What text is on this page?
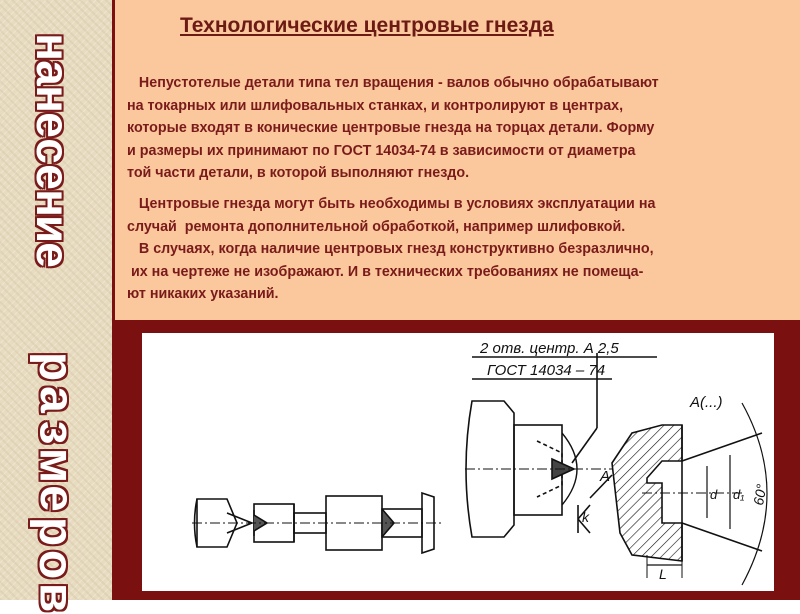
н
а
н
е
с
е
н
и
е
р
а
з
м
е
р
о
в
Технологические центровые гнезда
Непустотелые детали типа тел вращения - валов обычно обрабатывают
на токарных или шлифовальных станках, и контролируют в центрах,
которые входят в конические центровые гнезда на торцах детали. Форму
и размеры их принимают по ГОСТ 14034-74 в зависимости от диаметра
той части детали, в которой выполняют гнездо.
Центровые гнезда могут быть необходимы в условиях эксплуатации на
случай  ремонта дополнительной обработкой, например шлифовкой.
В случаях, когда наличие центровых гнезд конструктивно безразлично,
их на чертеже не изображают. И в технических требованиях не помеща-
ют никаких указаний.
2 отв. центр. А 2,5
ГОСТ 14034 – 74
А
k
А(...)
d d₁ 60°
L
